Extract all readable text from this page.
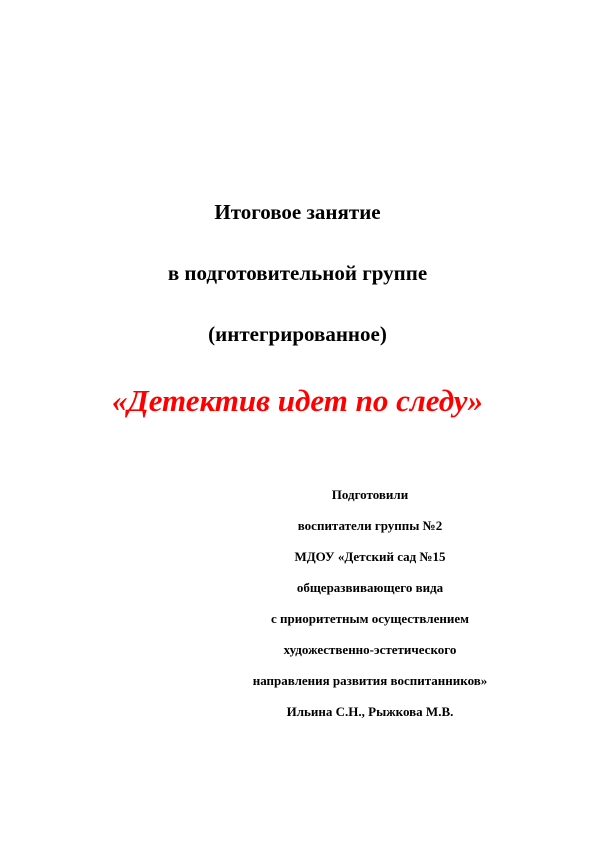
Итоговое занятие
в подготовительной группе
(интегрированное)
«Детектив идет по следу»
Подготовили
воспитатели группы №2
МДОУ «Детский сад №15
общеразвивающего вида
с приоритетным осуществлением
художественно-эстетического
направления развития воспитанников»
Ильина С.Н., Рыжкова М.В.
